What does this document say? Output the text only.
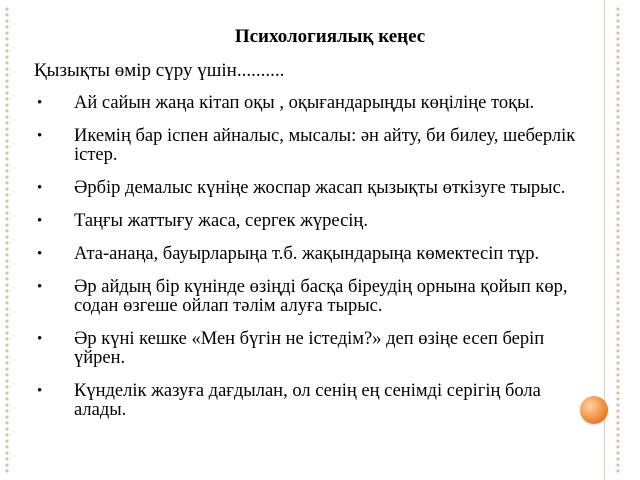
Психологиялық кеңес
Қызықты өмір сүру үшін..........
• Ай сайын жаңа кітап оқы , оқығандарыңды көңіліңе тоқы.
• Икемің бар іспен айналыс, мысалы: ән айту, би билеу, шеберлік істер.
• Әрбір демалыс күніңе жоспар жасап қызықты өткізуге тырыс.
• Таңғы жаттығу жаса, сергек жүресің.
• Ата-анаңа, бауырларыңа т.б. жақындарыңа көмектесіп тұр.
• Әр айдың бір күнінде өзіңді басқа біреудің орнына қойып көр, содан өзгеше ойлап тәлім алуға тырыс.
• Әр күні кешке «Мен бүгін не істедім?» деп өзіңе есеп беріп үйрен.
• Күнделік жазуға дағдылан, ол сенің ең сенімді серігің бола алады.
